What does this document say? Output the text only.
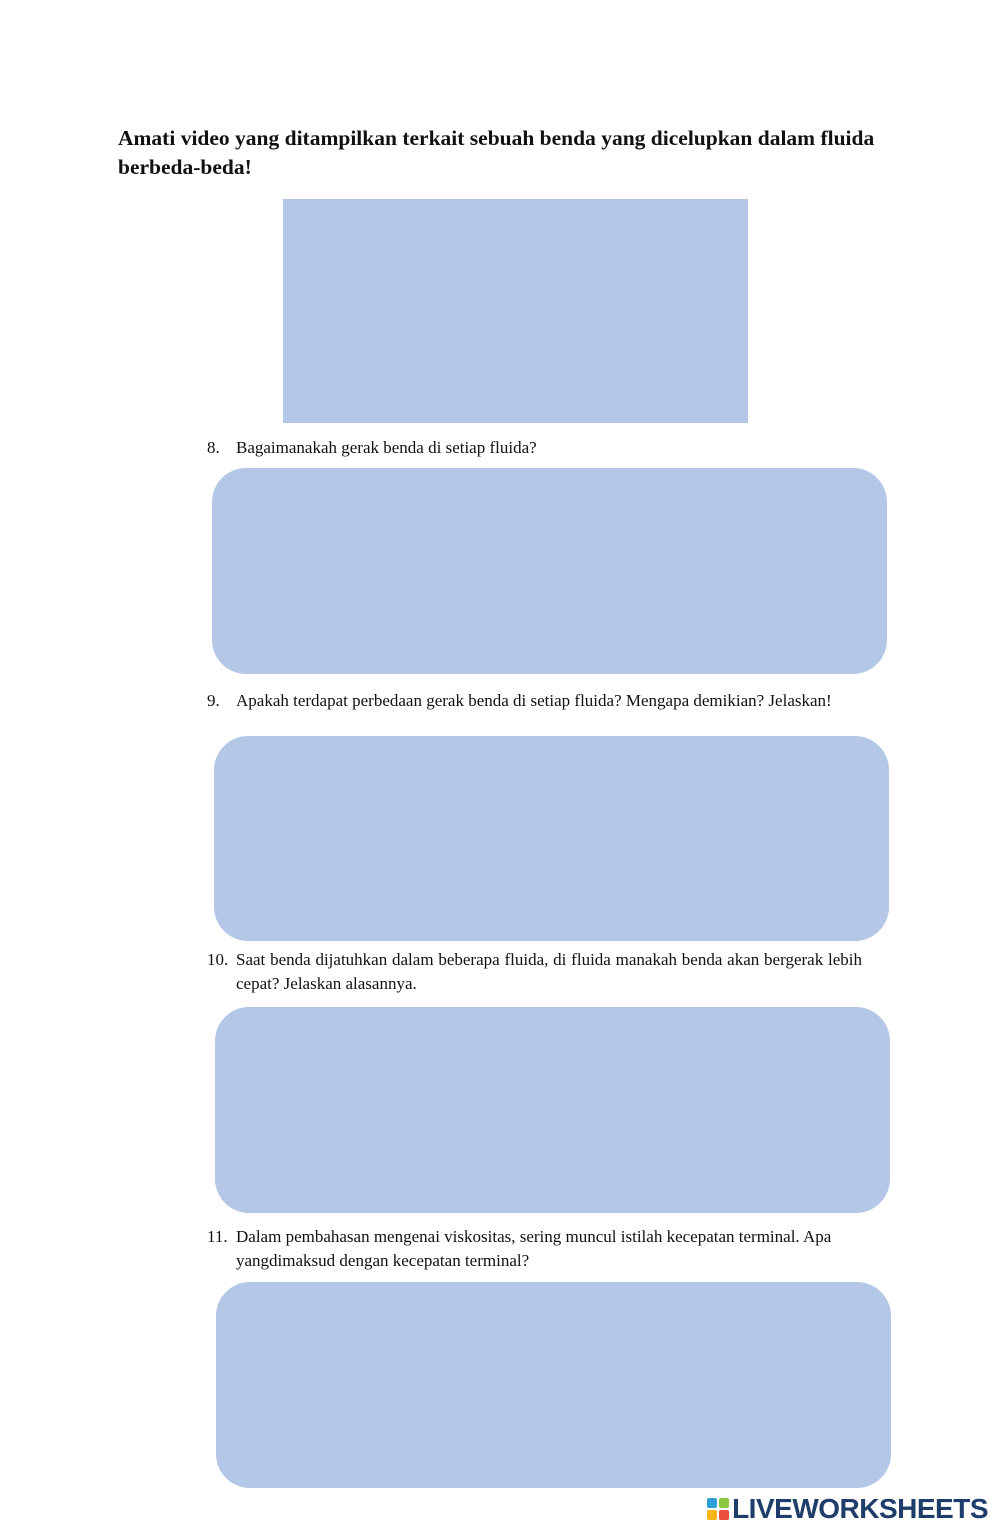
Amati video yang ditampilkan terkait sebuah benda yang dicelupkan dalam fluida berbeda-beda!
8. Bagaimanakah gerak benda di setiap fluida?
9. Apakah terdapat perbedaan gerak benda di setiap fluida? Mengapa demikian? Jelaskan!
10. Saat benda dijatuhkan dalam beberapa fluida, di fluida manakah benda akan bergerak lebih cepat? Jelaskan alasannya.
11. Dalam pembahasan mengenai viskositas, sering muncul istilah kecepatan terminal. Apa yangdimaksud dengan kecepatan terminal?
LIVEWORKSHEETS
